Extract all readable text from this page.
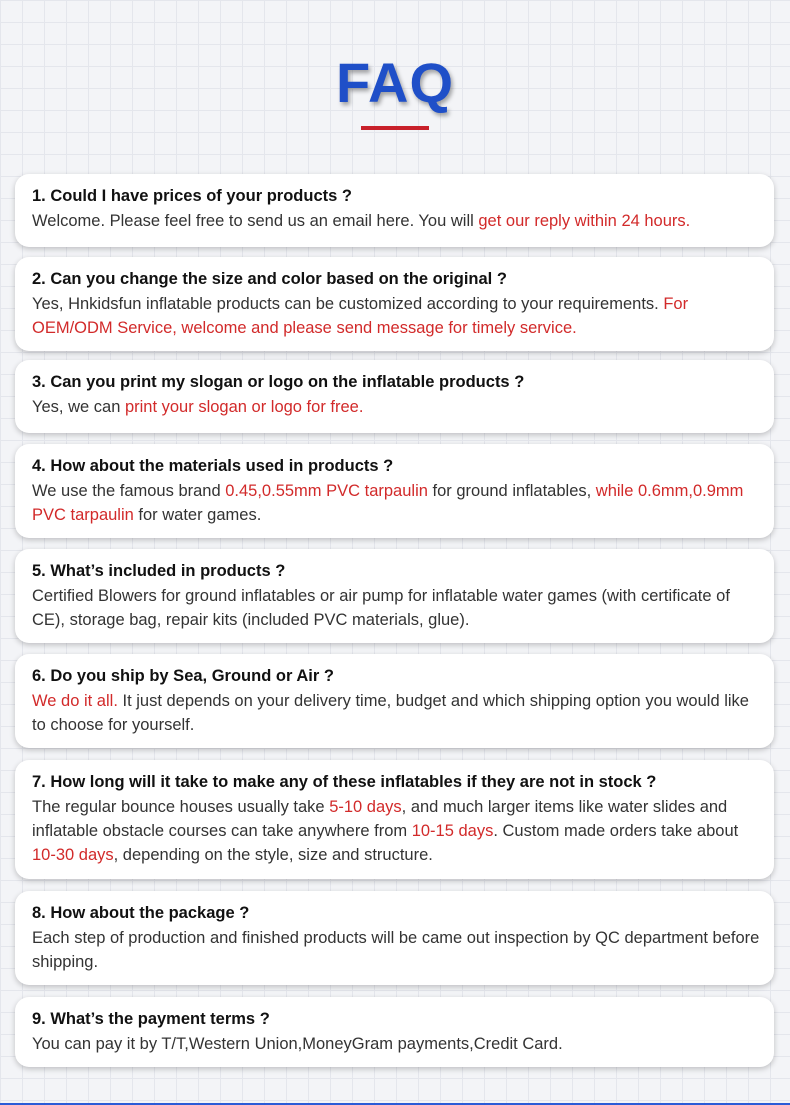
FAQ

1. Could I have prices of your products ?

Welcome. Please feel free to send us an email here. You will get our reply within 24 hours.

2. Can you change the size and color based on the original ?

Yes, Hnkidsfun inflatable products can be customized according to your requirements. For OEM/ODM Service, welcome and please send message for timely service.

3. Can you print my slogan or logo on the inflatable products ?

Yes, we can print your slogan or logo for free.

4. How about the materials used in products ?

We use the famous brand 0.45,0.55mm PVC tarpaulin for ground inflatables, while 0.6mm,0.9mm PVC tarpaulin for water games.

5. What’s included in products ?

Certified Blowers for ground inflatables or air pump for inflatable water games (with certificate of CE), storage bag, repair kits (included PVC materials, glue).

6. Do you ship by Sea, Ground or Air ?

We do it all. It just depends on your delivery time, budget and which shipping option you would like to choose for yourself.

7. How long will it take to make any of these inflatables if they are not in stock ?

The regular bounce houses usually take 5-10 days, and much larger items like water slides and inflatable obstacle courses can take anywhere from 10-15 days. Custom made orders take about 10-30 days, depending on the style, size and structure.

8. How about the package ?

Each step of production and finished products will be came out inspection by QC department before shipping.

9. What’s the payment terms ?

You can pay it by T/T,Western Union,MoneyGram payments,Credit Card.
